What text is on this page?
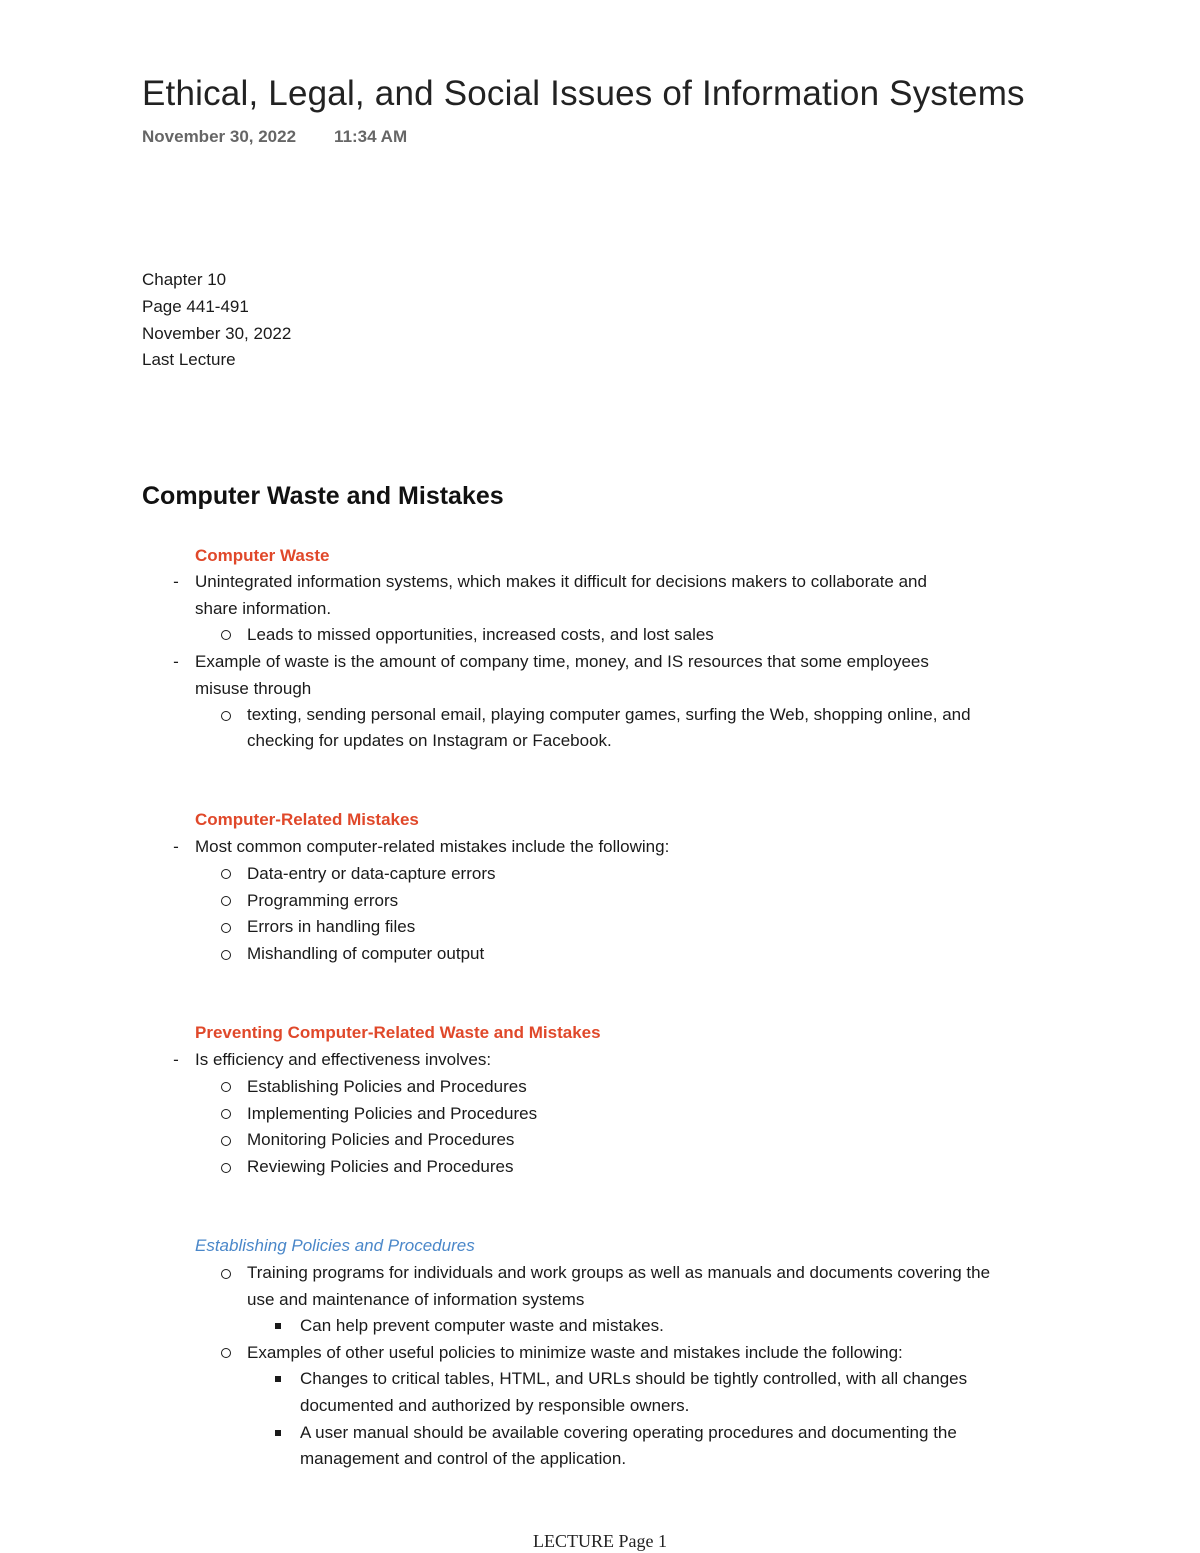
Ethical, Legal, and Social Issues of Information Systems
November 30, 2022 11:34 AM
Chapter 10
Page 441-491
November 30, 2022
Last Lecture
Computer Waste and Mistakes
Computer Waste
- Unintegrated information systems, which makes it difficult for decisions makers to collaborate and
share information.
Leads to missed opportunities, increased costs, and lost sales
- Example of waste is the amount of company time, money, and IS resources that some employees
misuse through
texting, sending personal email, playing computer games, surfing the Web, shopping online, and
checking for updates on Instagram or Facebook.
Computer-Related Mistakes
- Most common computer-related mistakes include the following:
Data-entry or data-capture errors
Programming errors
Errors in handling files
Mishandling of computer output
Preventing Computer-Related Waste and Mistakes
- Is efficiency and effectiveness involves:
Establishing Policies and Procedures
Implementing Policies and Procedures
Monitoring Policies and Procedures
Reviewing Policies and Procedures
Establishing Policies and Procedures
Training programs for individuals and work groups as well as manuals and documents covering the
use and maintenance of information systems
Can help prevent computer waste and mistakes.
Examples of other useful policies to minimize waste and mistakes include the following:
Changes to critical tables, HTML, and URLs should be tightly controlled, with all changes
documented and authorized by responsible owners.
A user manual should be available covering operating procedures and documenting the
management and control of the application.
LECTURE Page 1
